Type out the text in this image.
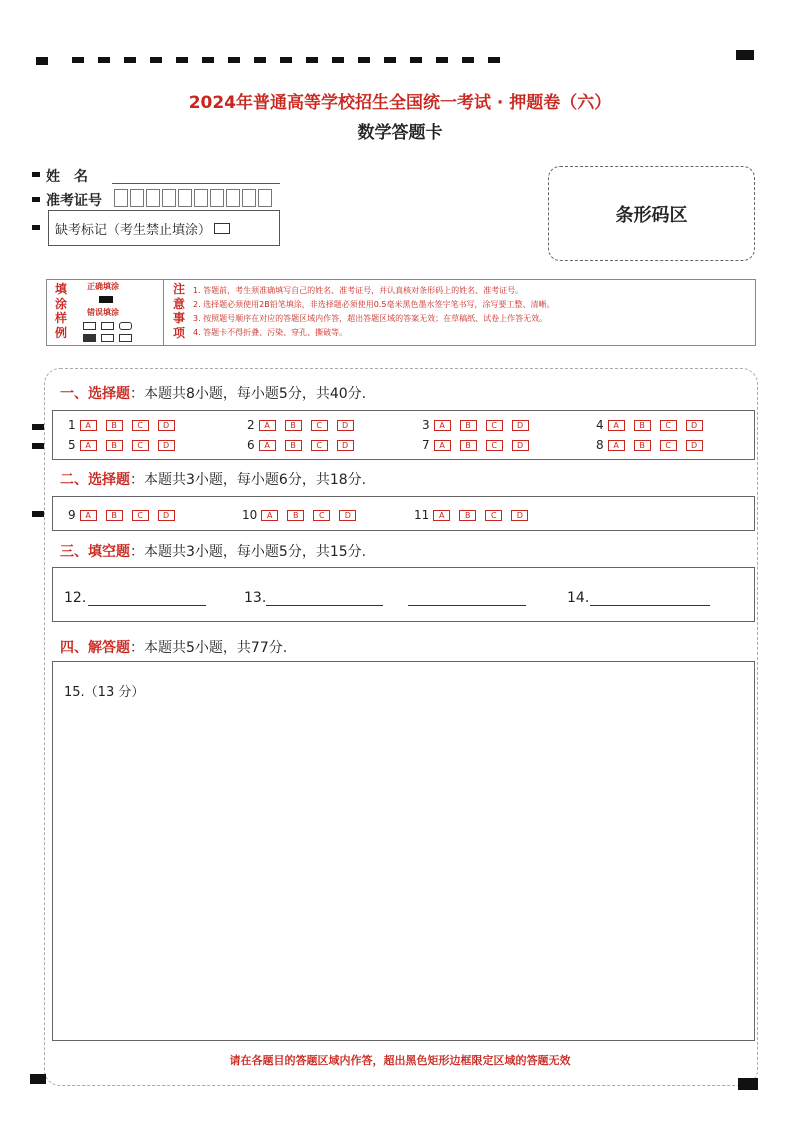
2024年普通高等学校招生全国统一考试 · 押题卷（六）
数学答题卡
姓　名
准考证号
缺考标记（考生禁止填涂）
条形码区
填
涂
样
例
正确填涂
错误填涂
注
意
事
项
1. 答题前，考生须准确填写自己的姓名、准考证号，并认真核对条形码上的姓名、准考证号。
2. 选择题必须使用2B铅笔填涂，非选择题必须使用0.5毫米黑色墨水签字笔书写，涂写要工整、清晰。
3. 按照题号顺序在对应的答题区域内作答，超出答题区域的答案无效；在草稿纸、试卷上作答无效。
4. 答题卡不得折叠、污染、穿孔、撕破等。
一、选择题：本题共8小题，每小题5分，共40分.
1	A	B	C	D	2	A	B	C	D	3	A	B	C	D	4	A	B	C	D
5	A	B	C	D	6	A	B	C	D	7	A	B	C	D	8	A	B	C	D
二、选择题：本题共3小题，每小题6分，共18分.
9	A	B	C	D	10	A	B	C	D	11	A	B	C	D
三、填空题：本题共3小题，每小题5分，共15分.
12.	13.	14.
四、解答题：本题共5小题，共77分.
15.（13 分）
请在各题目的答题区域内作答，超出黑色矩形边框限定区域的答题无效
